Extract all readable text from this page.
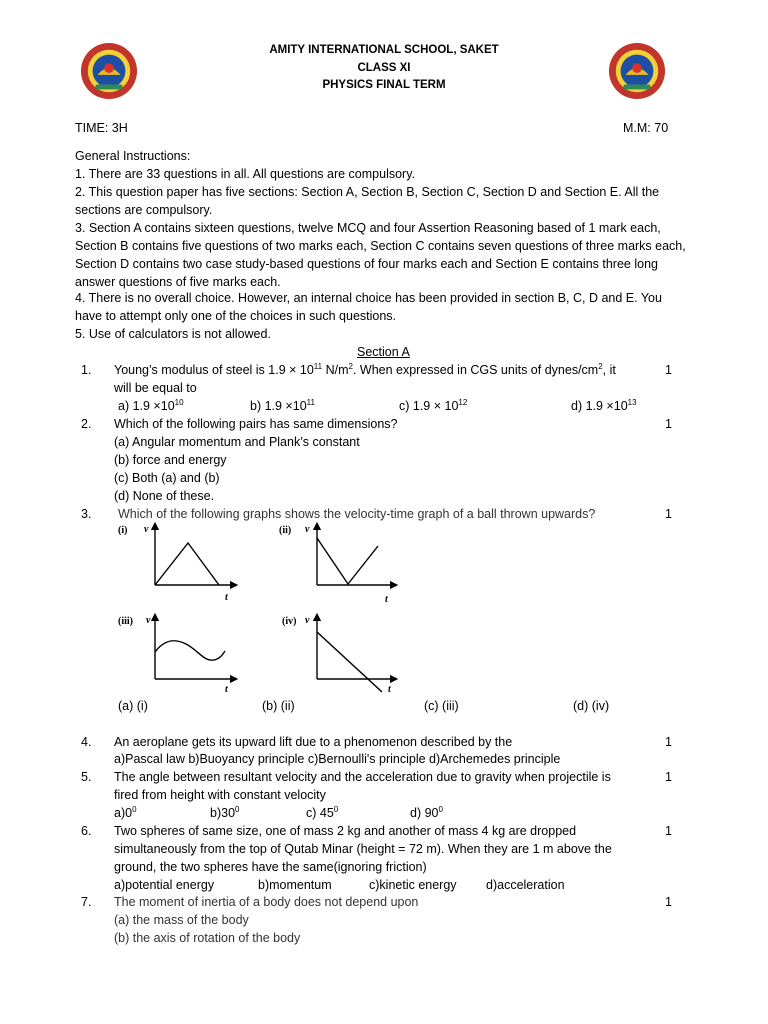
AMITY INTERNATIONAL SCHOOL, SAKET
CLASS XI
PHYSICS FINAL TERM
TIME: 3H	M.M: 70
General Instructions:
1. There are 33 questions in all. All questions are compulsory.
2. This question paper has five sections: Section A, Section B, Section C, Section D and Section E. All the sections are compulsory.
3. Section A contains sixteen questions, twelve MCQ and four Assertion Reasoning based of 1 mark each, Section B contains five questions of two marks each, Section C contains seven questions of three marks each, Section D contains two case study-based questions of four marks each and Section E contains three long answer questions of five marks each.
4. There is no overall choice. However, an internal choice has been provided in section B, C, D and E. You have to attempt only one of the choices in such questions.
5. Use of calculators is not allowed.
Section A
1. Young’s modulus of steel is $1.9 \times 10^{11}$ $N/m^2$. When expressed in CGS units of dynes/$cm^2$, it
will be equal to
1
a) $1.9 \times 10^{10}$	b) $1.9 \times 10^{11}$	c) $1.9 \times 10^{12}$	d) $1.9 \times 10^{13}$
2. Which of the following pairs has same dimensions?	1
(a) Angular momentum and Plank’s constant
(b) force and energy
(c) Both (a) and (b)
(d) None of these.
3. Which of the following graphs shows the velocity-time graph of a ball thrown upwards?	1
(i) v
t
(ii) v
t
(iii) v
t
(iv) v
t
(a) (i)	(b) (ii)	(c) (iii)	(d) (iv)
4. An aeroplane gets its upward lift due to a phenomenon described by the	1
a)Pascal law b)Buoyancy principle c)Bernoulli's principle d)Archemedes principle
5. The angle between resultant velocity and the acceleration due to gravity when projectile is	1
fired from height with constant velocity
$a)0^0$	$b)30^0$	c) $45^0$	d) $90^0$
6. Two spheres of same size, one of mass 2 kg and another of mass 4 kg are dropped	1
simultaneously from the top of Qutab Minar (height = 72 m). When they are 1 m above the
ground, the two spheres have the same(ignoring friction)
a)potential energy	b)momentum	c)kinetic energy d)acceleration
7. The moment of inertia of a body does not depend upon	1
(a) the mass of the body
(b) the axis of rotation of the body
